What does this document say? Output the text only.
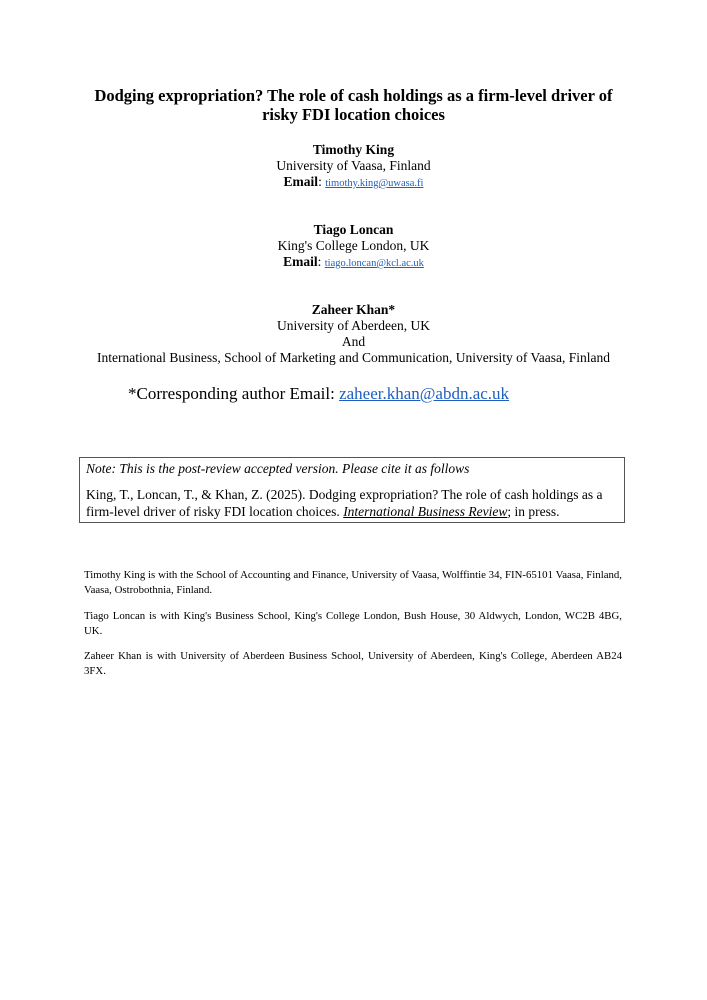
Dodging expropriation? The role of cash holdings as a firm-level driver of
risky FDI location choices
Timothy King
University of Vaasa, Finland
Email: timothy.king@uwasa.fi
Tiago Loncan
King's College London, UK
Email: tiago.loncan@kcl.ac.uk
Zaheer Khan*
University of Aberdeen, UK
And
International Business, School of Marketing and Communication, University of Vaasa, Finland
*Corresponding author Email: zaheer.khan@abdn.ac.uk
Note: This is the post-review accepted version. Please cite it as follows
King, T., Loncan, T., & Khan, Z. (2025). Dodging expropriation? The role of cash holdings as a firm-level driver of risky FDI location choices. International Business Review; in press.
Timothy King is with the School of Accounting and Finance, University of Vaasa, Wolffintie 34, FIN-65101 Vaasa, Finland, Vaasa, Ostrobothnia, Finland.
Tiago Loncan is with King's Business School, King's College London, Bush House, 30 Aldwych, London, WC2B 4BG, UK.
Zaheer Khan is with University of Aberdeen Business School, University of Aberdeen, King's College, Aberdeen AB24 3FX.
